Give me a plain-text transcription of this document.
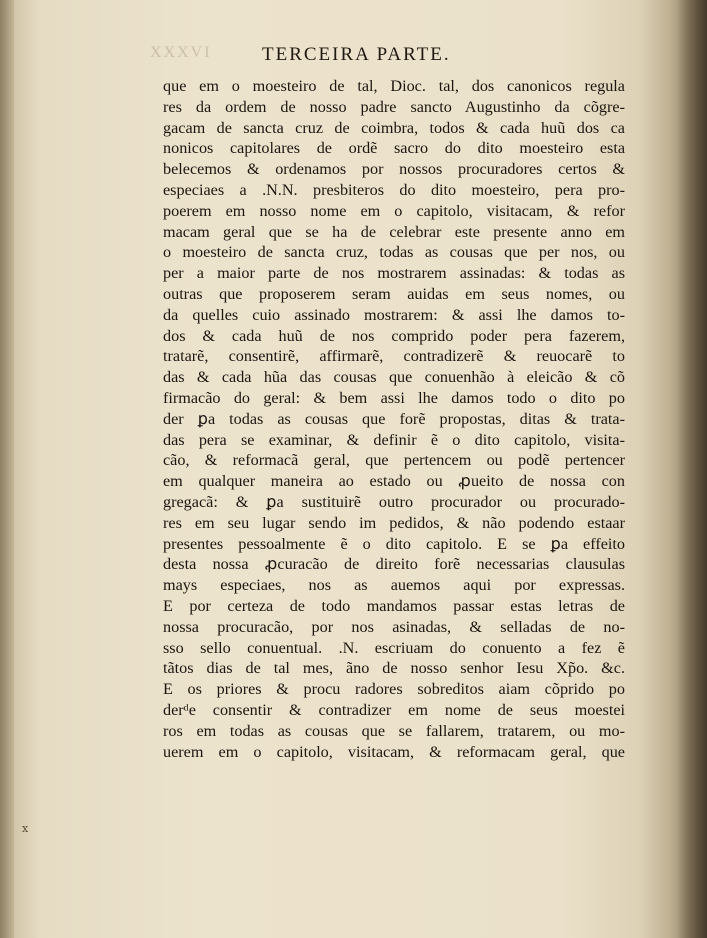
XXXVI	TERCEIRA PARTE.
que em o moesteiro de tal, Dioc. tal, dos canonicos regula
res da ordem de nosso padre sancto Augustinho da cõgre-
gacam de sancta cruz de coimbra, todos & cada huũ dos ca
nonicos capitolares de ordẽ sacro do dito moesteiro esta
belecemos & ordenamos por nossos procuradores certos &
especiaes a .N.N. presbiteros do dito moesteiro, pera pro-
poerem em nosso nome em o capitolo, visitacam, & refor
macam geral que se ha de celebrar este presente anno em
o moesteiro de sancta cruz, todas as cousas que per nos, ou
per a maior parte de nos mostrarem assinadas: & todas as
outras que proposerem seram auidas em seus nomes, ou
da quelles cuio assinado mostrarem: & assi lhe damos to-
dos & cada huũ de nos comprido poder pera fazerem,
tratarẽ, consentirẽ, affirmarẽ, contradizerẽ & reuocarẽ to
das & cada hũa das cousas que conuenhão à eleicão & cõ
firmacão do geral: & bem assi lhe damos todo o dito po
der ꝑa todas as cousas que forẽ propostas, ditas & trata-
das pera se examinar, & definir ẽ o dito capitolo, visita-
cão, & reformacã geral, que pertencem ou podẽ pertencer
em qualquer maneira ao estado ou ꝓueito de nossa con
gregacã: & ꝑa sustituirẽ outro procurador ou procurado-
res em seu lugar sendo im pedidos, & não podendo estaar
presentes pessoalmente ẽ o dito capitolo. E se ꝑa effeito
desta nossa ꝓcuracão de direito forẽ necessarias clausulas
mays especiaes, nos as auemos aqui por expressas.
E por certeza de todo mandamos passar estas letras de
nossa procuracão, por nos asinadas, & selladas de no-
sso sello conuentual. .N. escriuam do conuento a fez ẽ
tãtos dias de tal mes, ãno de nosso senhor Iesu Xp̃o. &c.
E os priores & procu radores sobreditos aiam cõprido po
derᵈe consentir & contradizer em nome de seus moestei
ros em todas as cousas que se fallarem, tratarem, ou mo-
uerem em o capitolo, visitacam, & reformacam geral, que
x
